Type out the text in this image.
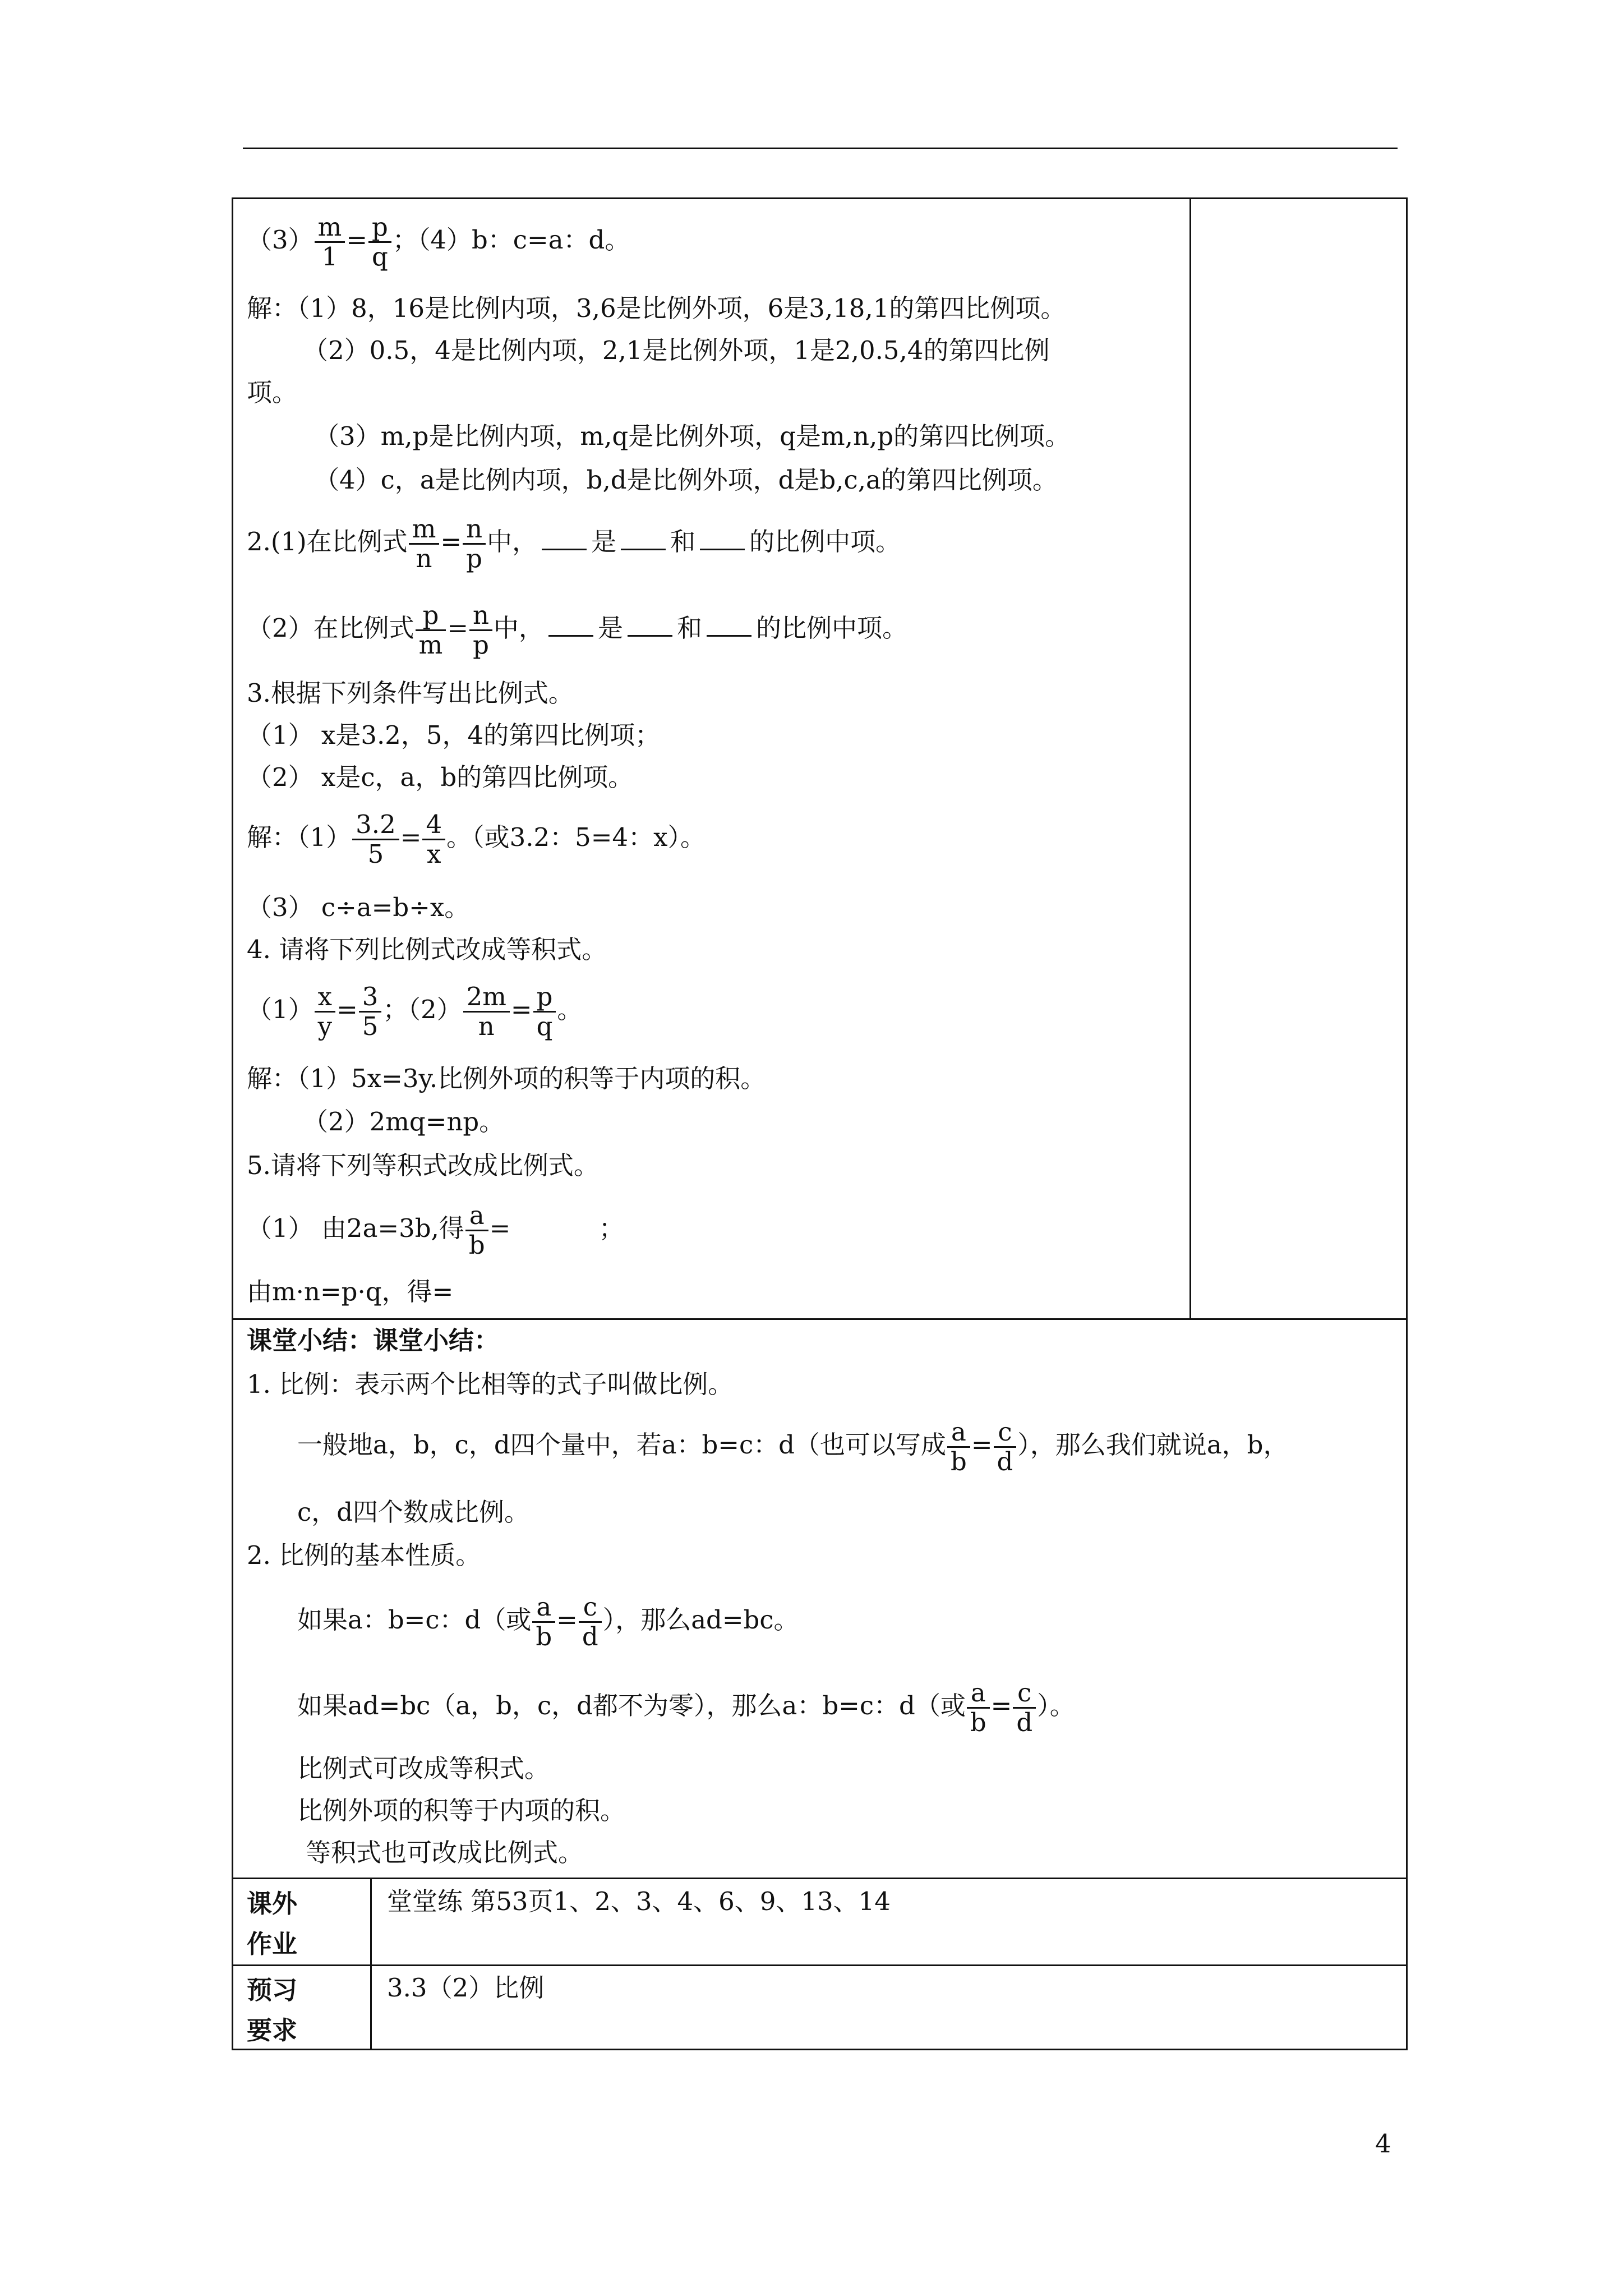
$(3) \frac{m}{1} = \frac{p}{q}$ ；（4）b：c=a：d。
解：（1）8，16是比例内项，3,6是比例外项，6是3,18,1的第四比例项。
（2）0.5，4是比例内项，2,1是比例外项，1是2,0.5,4的第四比例
项。
（3）m,p是比例内项，m,q是比例外项，q是m,n,p的第四比例项。
（4）c，a是比例内项，b,d是比例外项，d是b,c,a的第四比例项。
2.(1)在比例式 $\frac{m}{n} = \frac{n}{p}$ 中， 是 和 的比例中项。
（2）在比例式 $\frac{p}{m} = \frac{n}{p}$ 中， 是 和 的比例中项。
3.根据下列条件写出比例式。
（1） x是3.2，5，4的第四比例项；
（2） x是c，a，b的第四比例项。
解：$(1) \frac{3.2}{5} = \frac{4}{x}$ 。（或3.2：5=4：x）。
（3） c÷a=b÷x。
4. 请将下列比例式改成等积式。
$(1) \frac{x}{y} = \frac{3}{5}$ ；$(2) \frac{2m}{n} = \frac{p}{q}$ 。
解：（1）5x=3y.比例外项的积等于内项的积。
（2）2mq=np。
5.请将下列等积式改成比例式。
（1） 由2a=3b,得 $\frac{a}{b}$ =           ；
由m·n=p·q，得=
课堂小结：课堂小结：
1. 比例：表示两个比相等的式子叫做比例。
一般地a，b，c，d四个量中，若a：b=c：d（也可以写成 $\frac{a}{b} = \frac{c}{d}$ ），那么我们就说a，b，
c，d四个数成比例。
2. 比例的基本性质。
如果a：b=c：d（或 $\frac{a}{b} = \frac{c}{d}$ ），那么ad=bc。
如果ad=bc（a，b，c，d都不为零），那么a：b=c：d（或 $\frac{a}{b} = \frac{c}{d}$ ）。
比例式可改成等积式。
比例外项的积等于内项的积。
等积式也可改成比例式。
课外
作业
堂堂练 第53页1、2、3、4、6、9、13、14
预习
要求
3.3（2）比例
4
